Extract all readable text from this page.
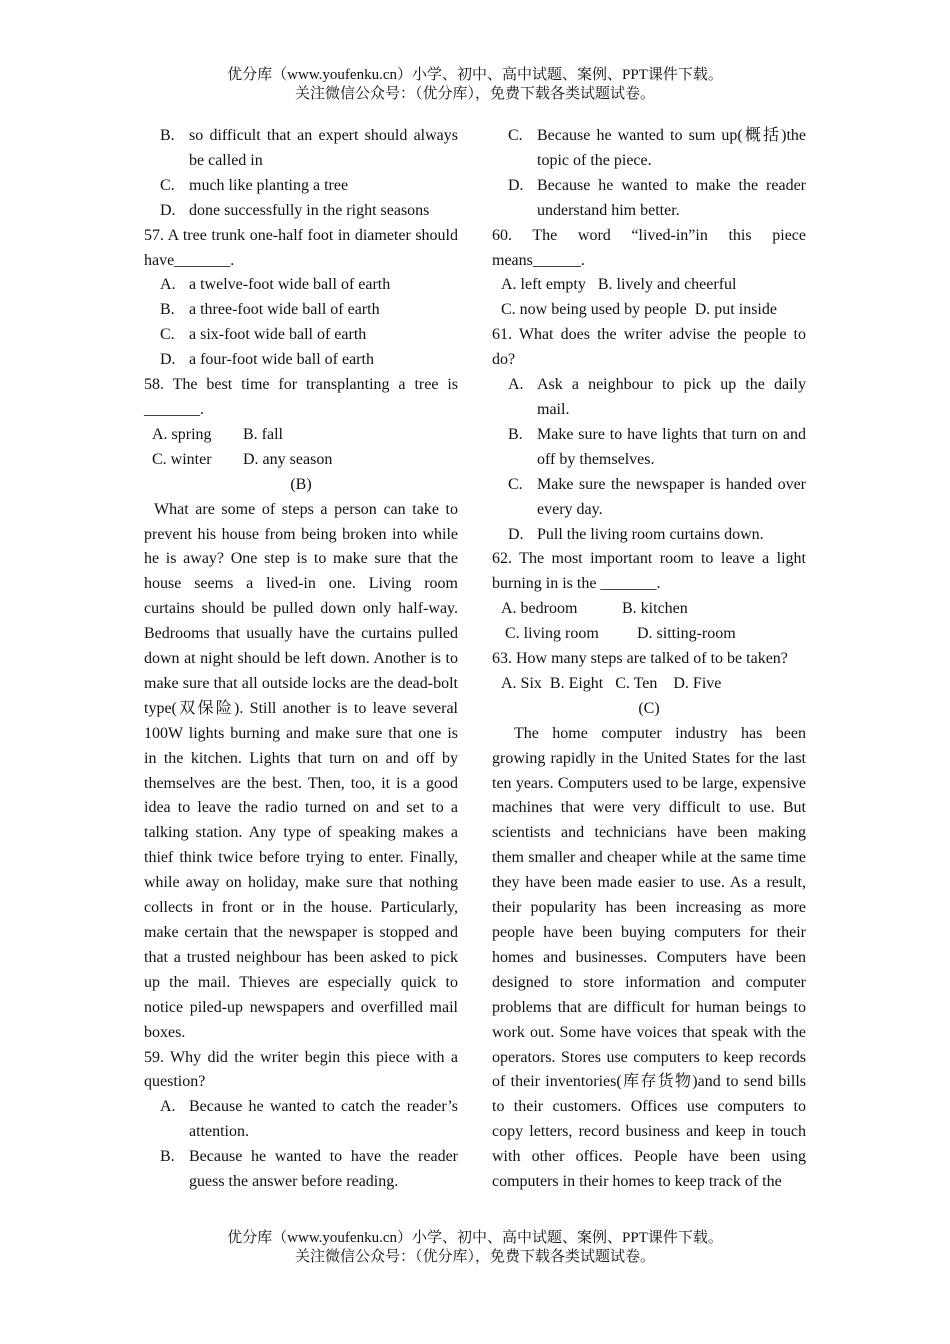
优分库（www.youfenku.cn）小学、初中、高中试题、案例、PPT课件下载。
关注微信公众号：（优分库），免费下载各类试题试卷。

B. so difficult that an expert should always be called in

C. much like planting a tree

D. done successfully in the right seasons

57. A tree trunk one-half foot in diameter should have_______.

A. a twelve-foot wide ball of earth

B. a three-foot wide ball of earth

C. a six-foot wide ball of earth

D. a four-foot wide ball of earth

58. The best time for transplanting a tree is _______.

A. spring B. fall

C. winter D. any season

(B)

What are some of steps a person can take to prevent his house from being broken into while he is away? One step is to make sure that the house seems a lived-in one. Living room curtains should be pulled down only half-way. Bedrooms that usually have the curtains pulled down at night should be left down. Another is to make sure that all outside locks are the dead-bolt type(双保险). Still another is to leave several 100W lights burning and make sure that one is in the kitchen. Lights that turn on and off by themselves are the best. Then, too, it is a good idea to leave the radio turned on and set to a talking station. Any type of speaking makes a thief think twice before trying to enter. Finally, while away on holiday, make sure that nothing collects in front or in the house. Particularly, make certain that the newspaper is stopped and that a trusted neighbour has been asked to pick up the mail. Thieves are especially quick to notice piled-up newspapers and overfilled mail boxes.

59. Why did the writer begin this piece with a question?

A. Because he wanted to catch the reader’s attention.

B. Because he wanted to have the reader guess the answer before reading.

C. Because he wanted to sum up(概括)the topic of the piece.

D. Because he wanted to make the reader understand him better.

60. The word “lived-in”in this piece means______.

A. left empty   B. lively and cheerful

C. now being used by people  D. put inside

61. What does the writer advise the people to do?

A. Ask a neighbour to pick up the daily mail.

B. Make sure to have lights that turn on and off by themselves.

C. Make sure the newspaper is handed over every day.

D. Pull the living room curtains down.

62. The most important room to leave a light burning in is the _______.

A. bedroom	B. kitchen

C. living room D. sitting-room

63. How many steps are talked of to be taken?

A. Six  B. Eight   C. Ten    D. Five

(C)

The home computer industry has been growing rapidly in the United States for the last ten years. Computers used to be large, expensive machines that were very difficult to use. But scientists and technicians have been making them smaller and cheaper while at the same time they have been made easier to use. As a result, their popularity has been increasing as more people have been buying computers for their homes and businesses. Computers have been designed to store information and computer problems that are difficult for human beings to work out. Some have voices that speak with the operators. Stores use computers to keep records of their inventories(库存货物)and to send bills to their customers. Offices use computers to copy letters, record business and keep in touch with other offices. People have been using computers in their homes to keep track of the

优分库（www.youfenku.cn）小学、初中、高中试题、案例、PPT课件下载。
关注微信公众号：（优分库），免费下载各类试题试卷。
